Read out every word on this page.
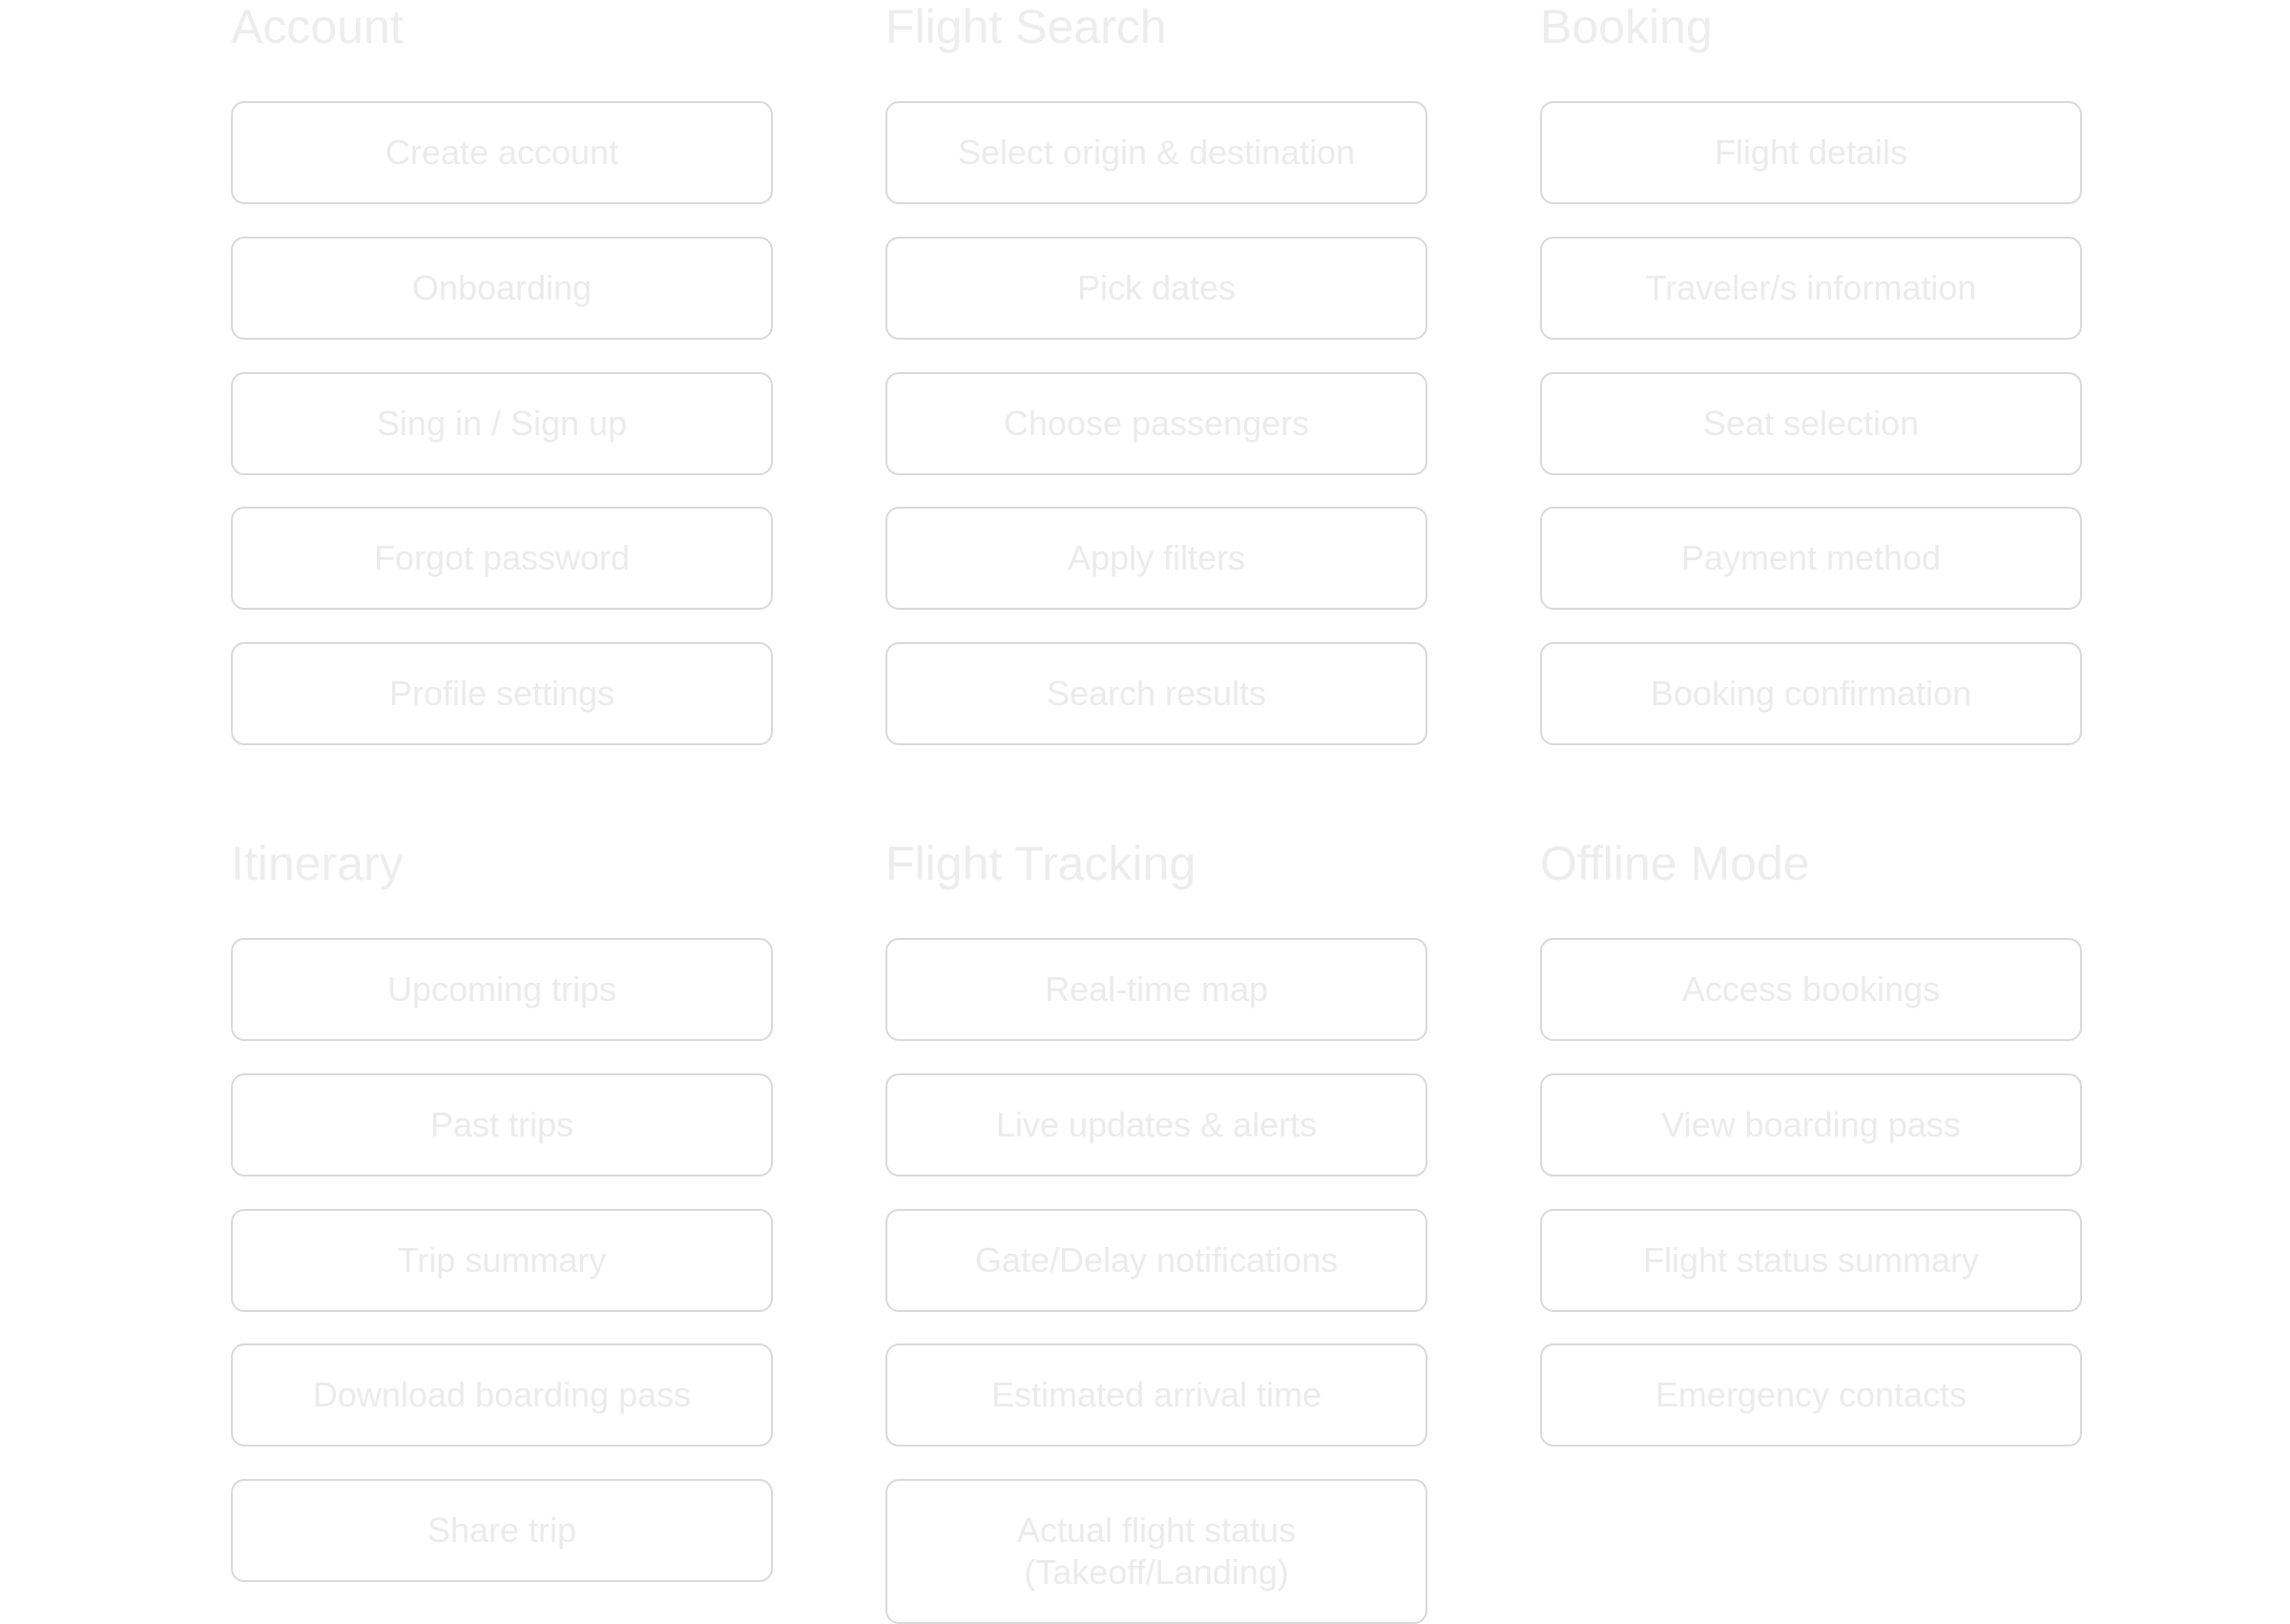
Account
Create account
Onboarding
Sing in / Sign up
Forgot password
Profile settings
Flight Search
Select origin & destination
Pick dates
Choose passengers
Apply filters
Search results
Booking
Flight details
Traveler/s information
Seat selection
Payment method
Booking confirmation
Itinerary
Upcoming trips
Past trips
Trip summary
Download boarding pass
Share trip
Flight Tracking
Real-time map
Live updates & alerts
Gate/Delay notifications
Estimated arrival time
Actual flight status
(Takeoff/Landing)
Offline Mode
Access bookings
View boarding pass
Flight status summary
Emergency contacts
